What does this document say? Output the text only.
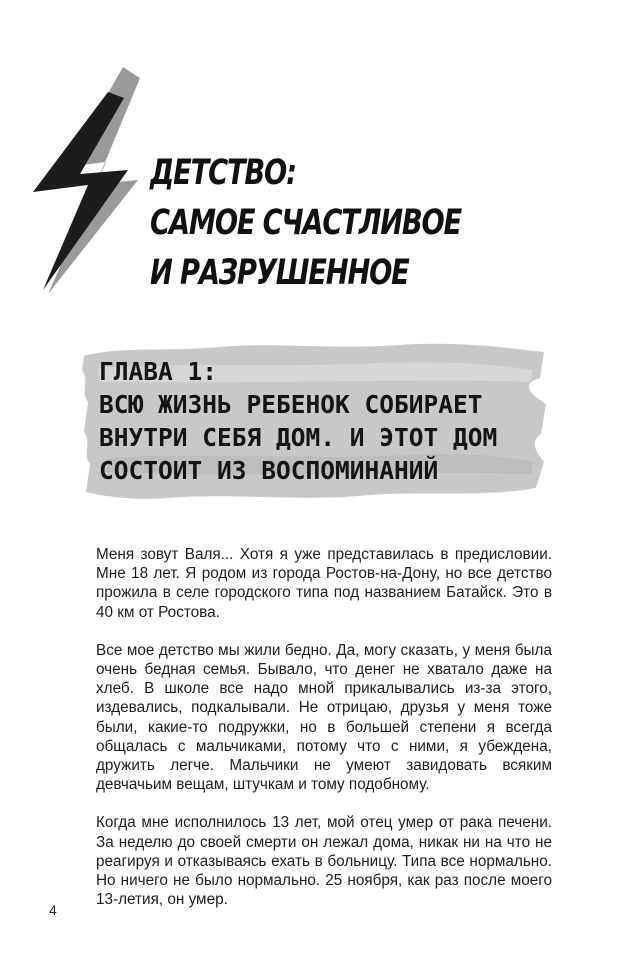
ДЕТСТВО:
САМОЕ СЧАСТЛИВОЕ
И РАЗРУШЕННОЕ
ГЛАВА 1:
ВСЮ ЖИЗНЬ РЕБЕНОК СОБИРАЕТ
ВНУТРИ СЕБЯ ДОМ. И ЭТОТ ДОМ
СОСТОИТ ИЗ ВОСПОМИНАНИЙ

Меня зовут Валя... Хотя я уже представилась в предисловии. Мне 18 лет. Я родом из города Ростов-на-Дону, но все детство прожила в селе городского типа под названием Батайск. Это в 40 км от Ростова.

Все мое детство мы жили бедно. Да, могу сказать, у меня была очень бедная семья. Бывало, что денег не хватало даже на хлеб. В школе все надо мной прикалывались из-за этого, издевались, подкалывали. Не отрицаю, друзья у меня тоже были, какие-то подружки, но в большей степени я всегда общалась с мальчиками, потому что с ними, я убеждена, дружить легче. Мальчики не умеют завидовать всяким девчачьим вещам, штучкам и тому подобному.

Когда мне исполнилось 13 лет, мой отец умер от рака печени. За неделю до своей смерти он лежал дома, никак ни на что не реагируя и отказываясь ехать в больницу. Типа все нормально. Но ничего не было нормально. 25 ноября, как раз после моего 13-летия, он умер.

4
